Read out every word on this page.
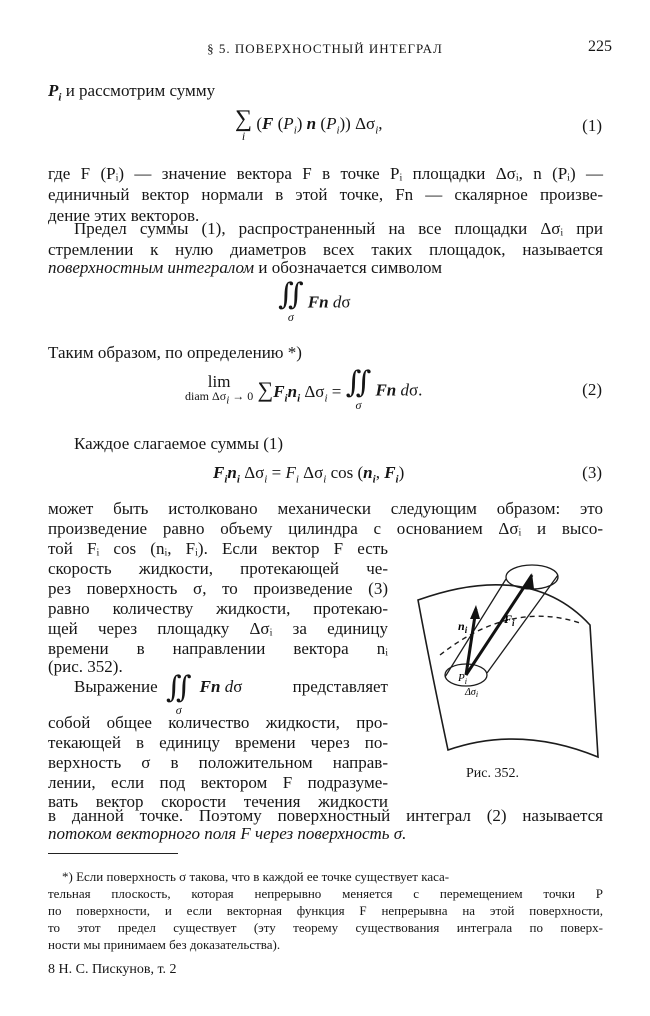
§ 5. ПОВЕРХНОСТНЫЙ ИНТЕГРАЛ	225
$P_i$ и рассмотрим сумму
∑
i
(F $(P_i)$ n $(P_i)$) $\Delta\sigma_i$,	(1)
где F (Pᵢ) — значение вектора F в точке Pᵢ площадки Δσᵢ, n (Pᵢ) —
единичный вектор нормали в этой точке, Fn — скалярное произве-
дение этих векторов.
Предел суммы (1), распространенный на все площадки Δσᵢ при
стремлении к нулю диаметров всех таких площадок, называется
поверхностным интегралом и обозначается символом
∬
σ
Fn dσ
Таким образом, по определению *)
lim
diam $\Delta\sigma_i \to 0$ $\sum F_in_i$ $\Delta\sigma_i$ = ∬
σ
Fn dσ.	(2)
Каждое слагаемое суммы (1)
$F_in_i$ $\Delta\sigma_i = F_i$ $\Delta\sigma_i$ $\cos (n_i$, $F_i$)	(3)
может быть истолковано механически следующим образом: это
произведение равно объему цилиндра с основанием Δσᵢ и высо-
той Fᵢ cos (nᵢ, Fᵢ). Если вектор F есть
скорость жидкости, протекающей че-
рез поверхность σ, то произведение (3)
равно количеству жидкости, протекаю-
щей через площадку Δσᵢ за единицу
времени в направлении вектора nᵢ
(рис. 352).
Выражение ∬
σ
Fn dσ	представляет
собой общее количество жидкости, про-
текающей в единицу времени через по-
верхность σ в положительном направ-
лении, если под вектором F подразуме-
вать вектор скорости течения жидкости
в данной точке. Поэтому поверхностный интеграл (2) называется
потоком векторного поля F через поверхность σ.
$F_i$
$n_i$
$P_i$
$\Delta\sigma_i$
Рис. 352.
*) Если поверхность σ такова, что в каждой ее точке существует каса-
тельная плоскость, которая непрерывно меняется с перемещением точки P
по поверхности, и если векторная функция F непрерывна на этой поверхности,
то этот предел существует (эту теорему существования интеграла по поверх-
ности мы принимаем без доказательства).
8 Н. С. Пискунов, т. 2
